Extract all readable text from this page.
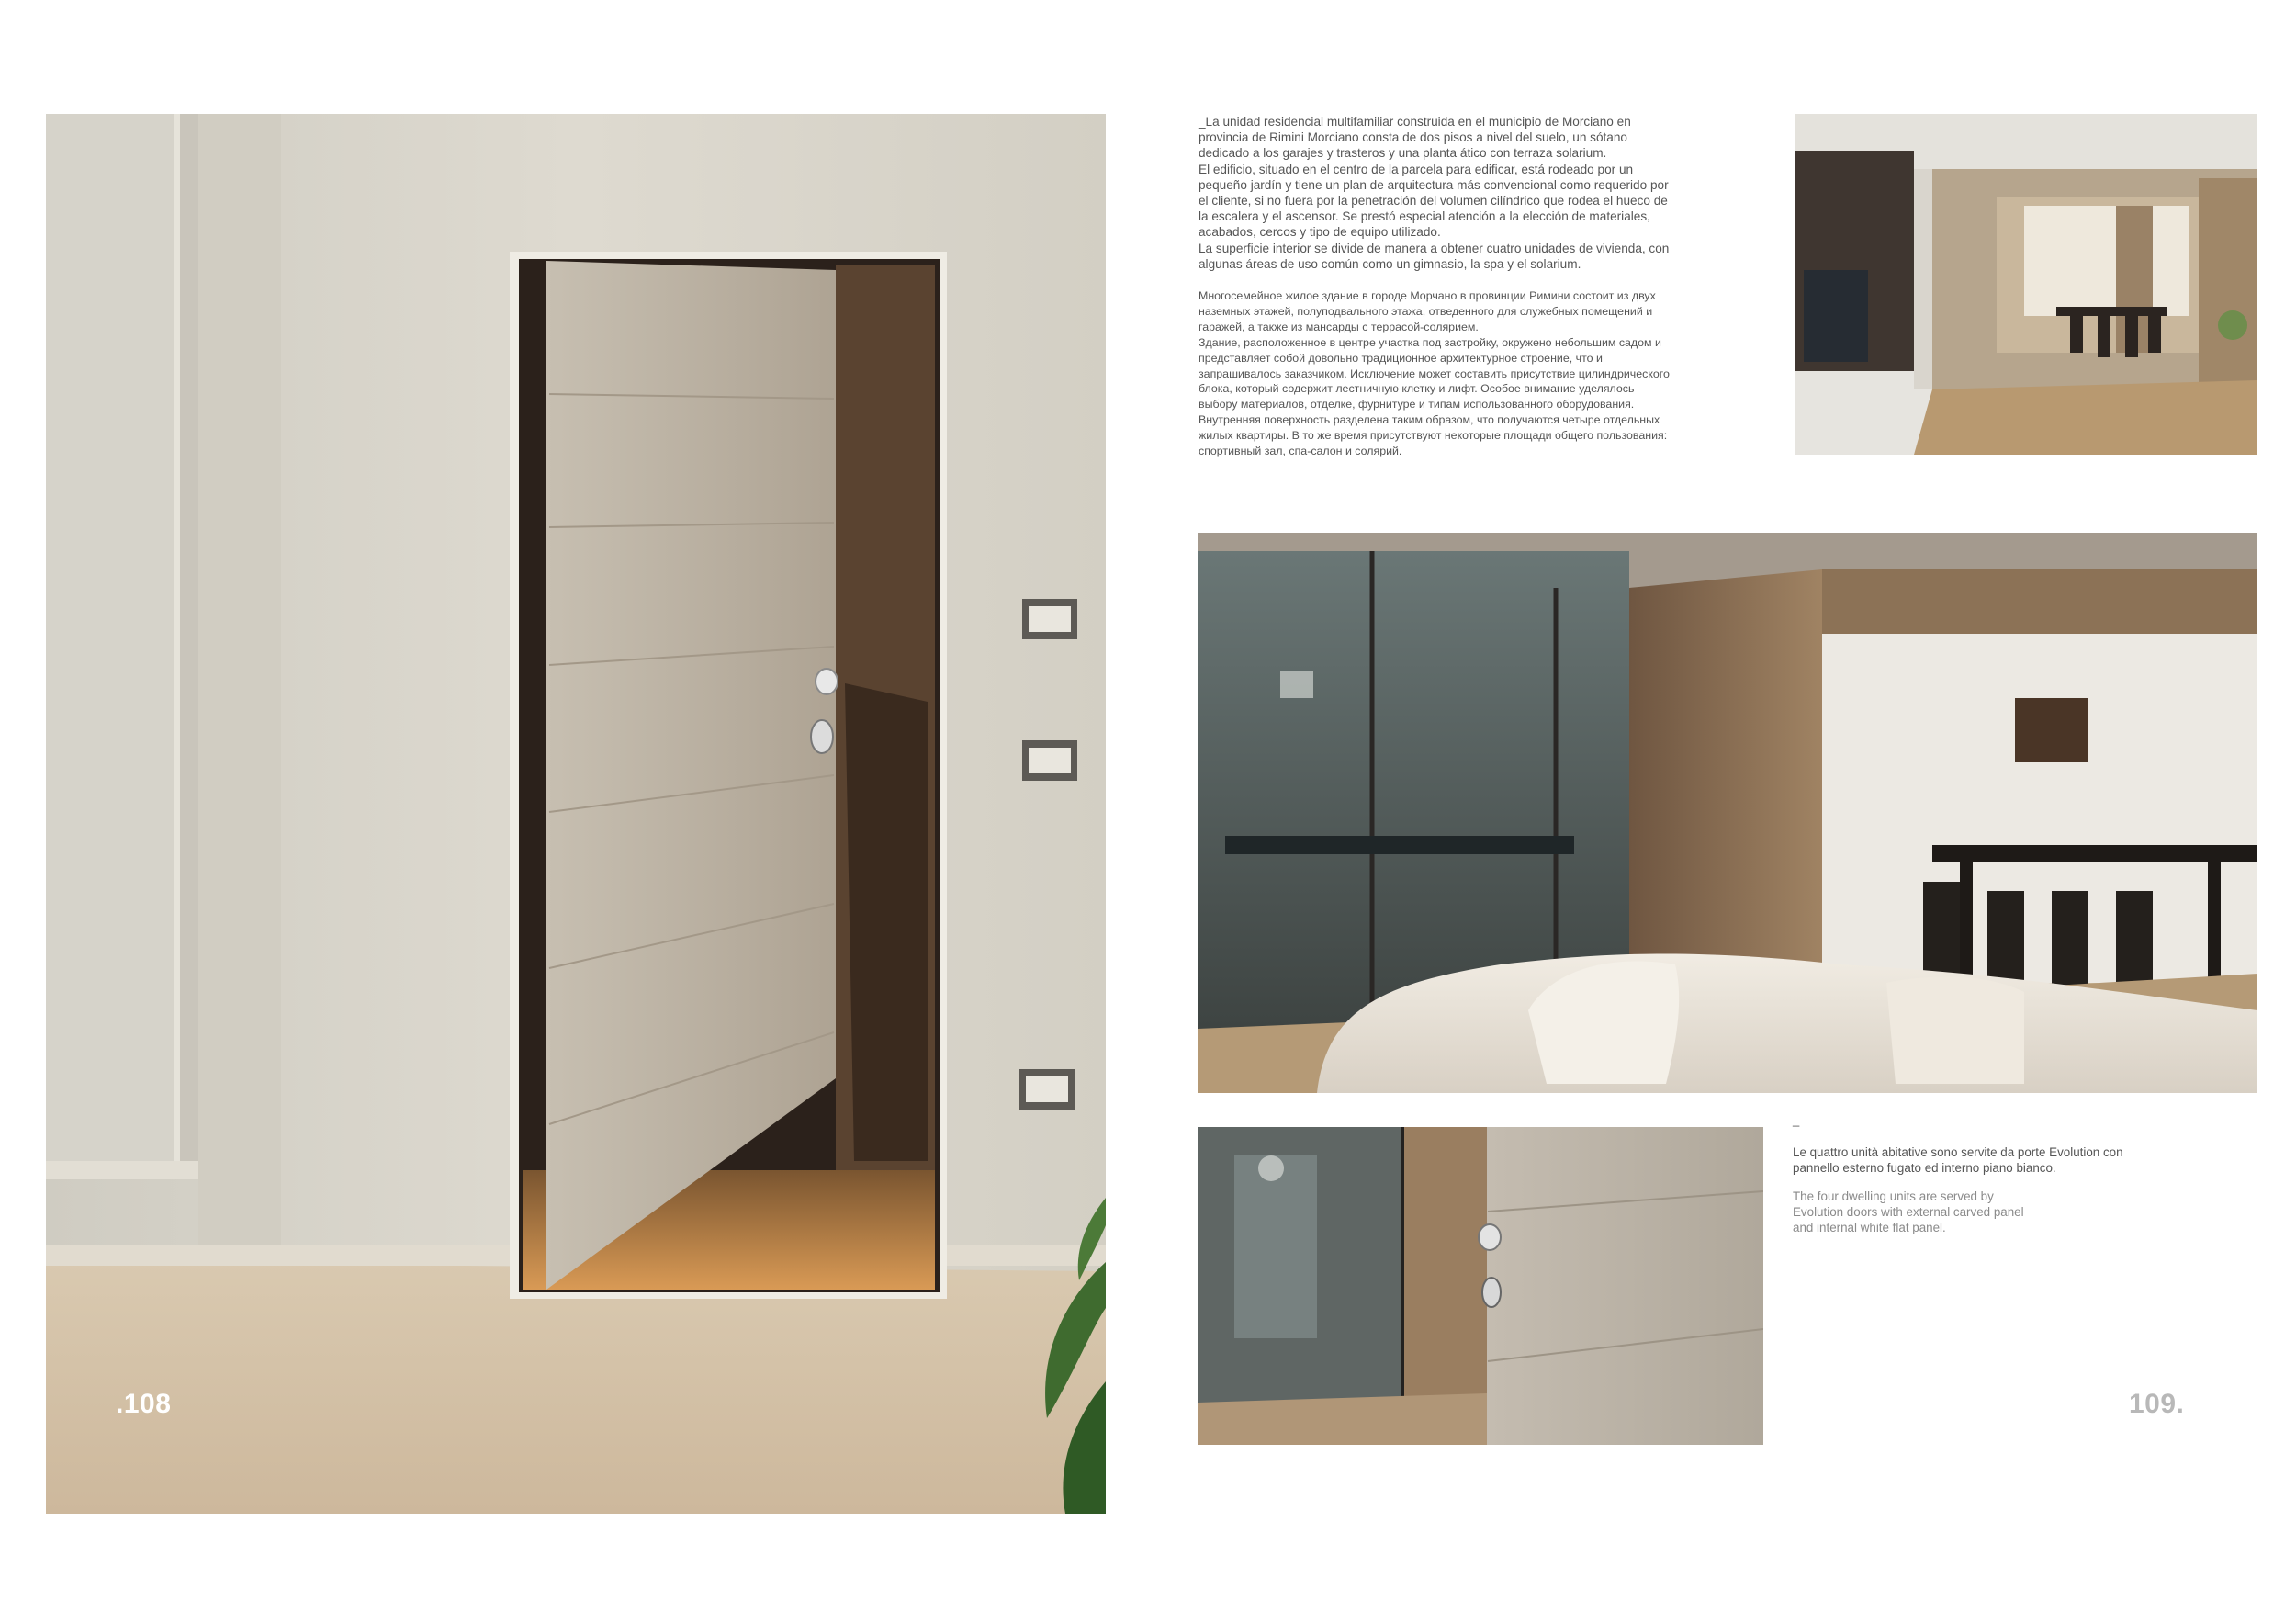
.108

_La unidad residencial multifamiliar construida en el municipio de Morciano en provincia de Rimini Morciano consta de dos pisos a nivel del suelo, un sótano dedicado a los garajes y trasteros y una planta ático con terraza solarium.
El edificio, situado en el centro de la parcela para edificar, está rodeado por un pequeño jardín y tiene un plan de arquitectura más convencional como requerido por el cliente, si no fuera por la penetración del volumen cilíndrico que rodea el hueco de la escalera y el ascensor. Se prestó especial atención a la elección de materiales, acabados, cercos y tipo de equipo utilizado.
La superficie interior se divide de manera a obtener cuatro unidades de vivienda, con algunas áreas de uso común como un gimnasio, la spa y el solarium.

Многосемейное жилое здание в городе Морчано в провинции Римини состоит из двух наземных этажей, полуподвального этажа, отведенного для служебных помещений и гаражей, а также из мансарды с террасой-солярием.
Здание, расположенное в центре участка под застройку, окружено небольшим садом и представляет собой довольно традиционное архитектурное строение, что и запрашивалось заказчиком. Исключение может составить присутствие цилиндрического блока, который содержит лестничную клетку и лифт. Особое внимание уделялось выбору материалов, отделке, фурнитуре и типам использованного оборудования.
Внутренняя поверхность разделена таким образом, что получаются четыре отдельных жилых квартиры. В то же время присутствуют некоторые площади общего пользования: спортивный зал, спа-салон и солярий.

_

Le quattro unità abitative sono servite da porte Evolution con pannello esterno fugato ed interno piano bianco.

The four dwelling units are served by Evolution doors with external carved panel and internal white flat panel.

109.
